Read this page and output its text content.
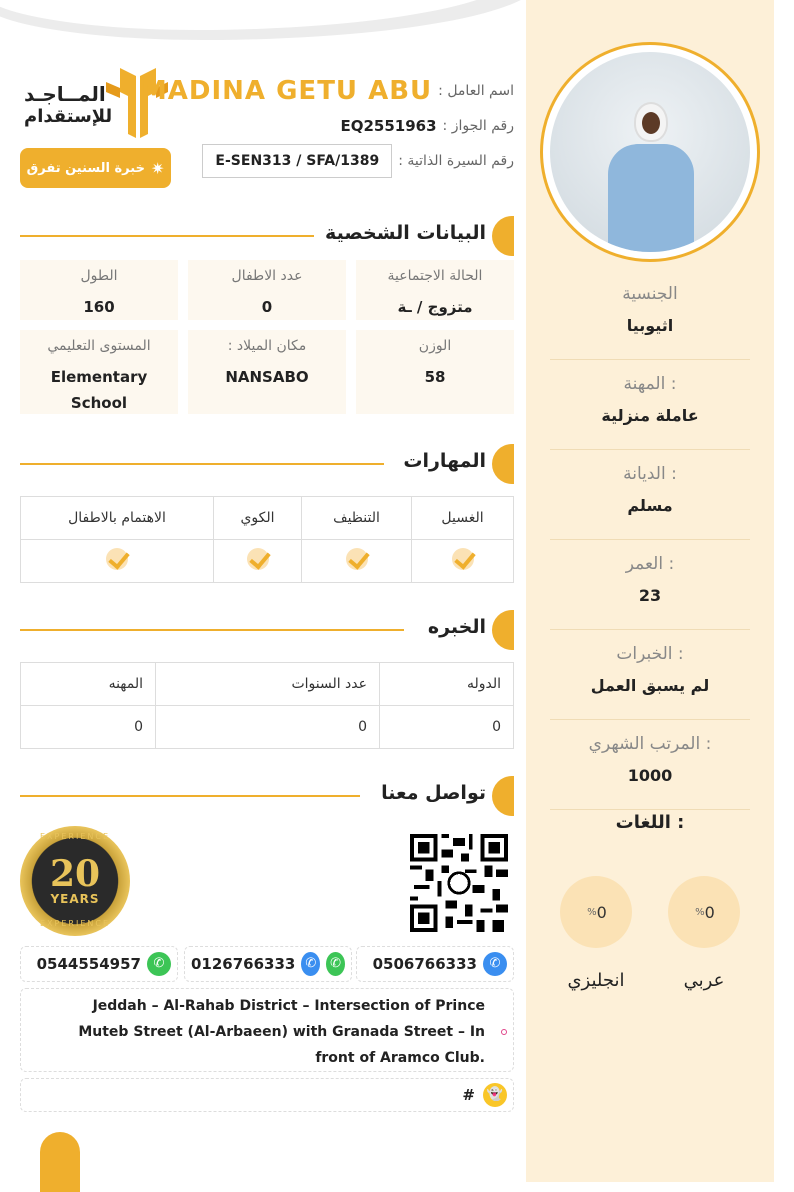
الجنسية
اثيوبيا
المهنة :
عاملة منزلية
الديانة :
مسلم
العمر :
23
الخبرات :
لم يسبق العمل
المرتب الشهري :
1000
اللغات :
% 0
عربي
% 0
انجليزي
المــاجـد
للإستقدام
خبرة السنين تفرق ✷
اسم العامل :
MADINA GETU ABU
رقم الجواز :
EQ2551963
رقم السيرة الذاتية :
E-SEN313 / SFA/1389
البيانات الشخصية
الحالة الاجتماعية
متزوج / ـة
عدد الاطفال
0
الطول
160
الوزن
58
مكان الميلاد :
NANSABO
المستوى التعليمي
Elementary School
المهارات
الغسيل	التنظيف	الكوي	الاهتمام بالاطفال

الخبره
الدوله	عدد السنوات	المهنه
0	0	0
تواصل معنا
EXPERIENCE
20
YEARS
EXPERIENCE
0506766333 ✆
0126766333 ✆	✆
0544554957 ✆
Jeddah – Al-Rahab District – Intersection of Prince Muteb Street (Al-Arbaeen) with Granada Street – In front of Aramco Club.
# 👻
